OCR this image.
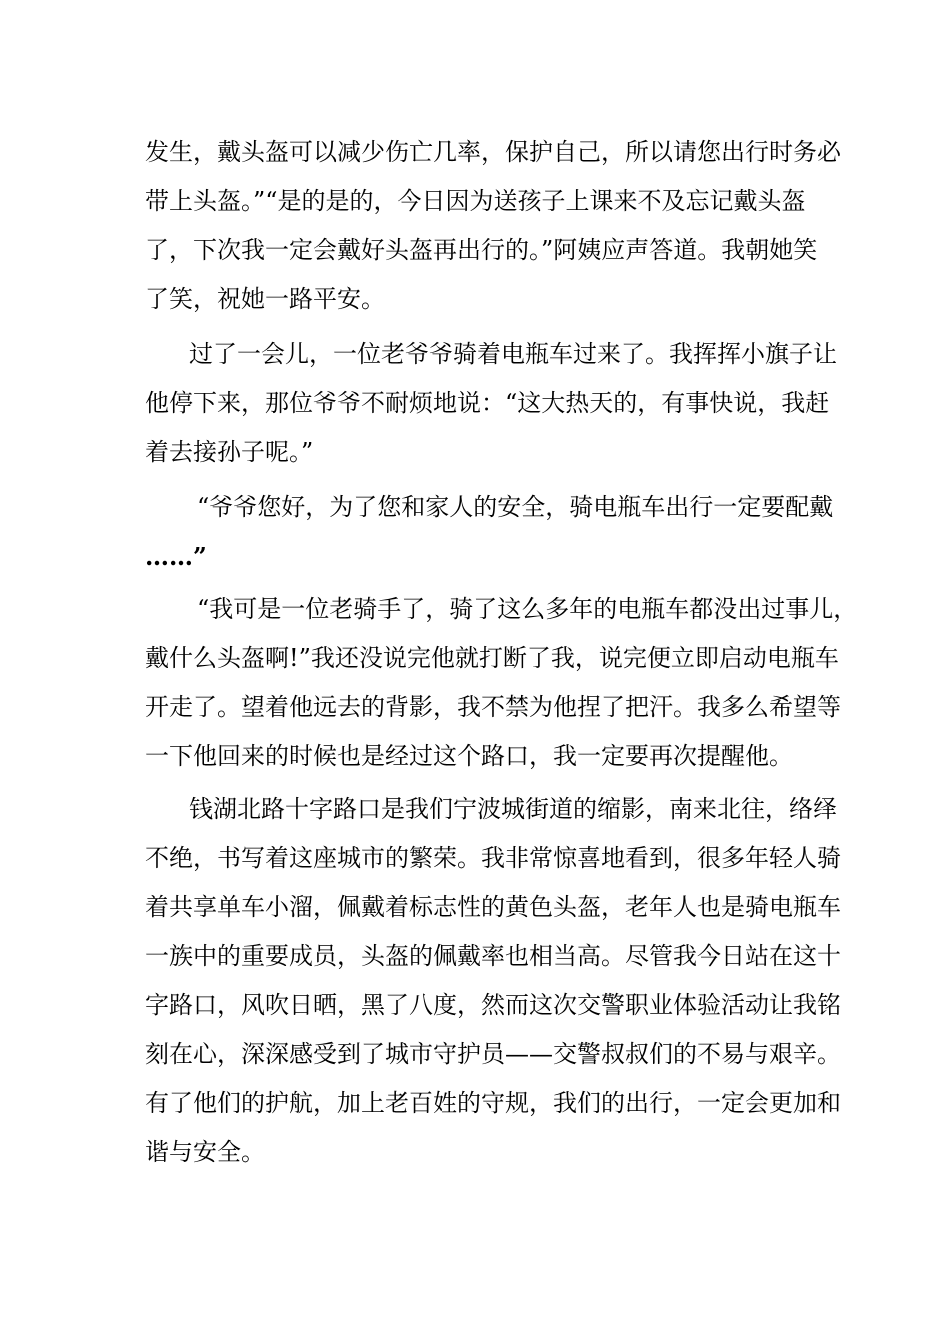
发生，戴头盔可以减少伤亡几率，保护自己，所以请您出行时务必
带上头盔。”“是的是的，今日因为送孩子上课来不及忘记戴头盔
了，下次我一定会戴好头盔再出行的。”阿姨应声答道。我朝她笑
了笑，祝她一路平安。
过了一会儿，一位老爷爷骑着电瓶车过来了。我挥挥小旗子让
他停下来，那位爷爷不耐烦地说：“这大热天的，有事快说，我赶
着去接孙子呢。”
“爷爷您好，为了您和家人的安全，骑电瓶车出行一定要配戴
……”
“我可是一位老骑手了，骑了这么多年的电瓶车都没出过事儿，
戴什么头盔啊!”我还没说完他就打断了我，说完便立即启动电瓶车
开走了。望着他远去的背影，我不禁为他捏了把汗。我多么希望等
一下他回来的时候也是经过这个路口，我一定要再次提醒他。
钱湖北路十字路口是我们宁波城街道的缩影，南来北往，络绎
不绝，书写着这座城市的繁荣。我非常惊喜地看到，很多年轻人骑
着共享单车小溜，佩戴着标志性的黄色头盔，老年人也是骑电瓶车
一族中的重要成员，头盔的佩戴率也相当高。尽管我今日站在这十
字路口，风吹日晒，黑了八度，然而这次交警职业体验活动让我铭
刻在心，深深感受到了城市守护员——交警叔叔们的不易与艰辛。
有了他们的护航，加上老百姓的守规，我们的出行，一定会更加和
谐与安全。
